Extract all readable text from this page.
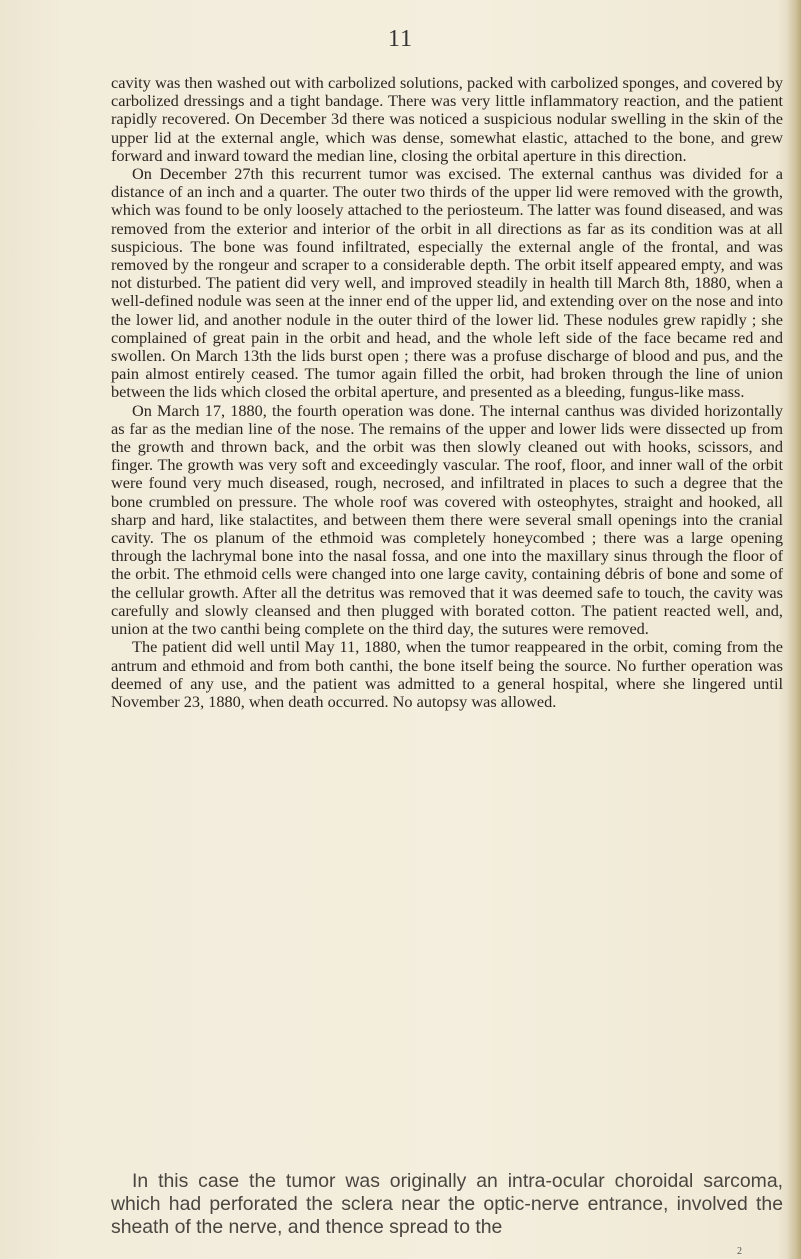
11

cavity was then washed out with carbolized solutions, packed with carbolized sponges, and covered by carbolized dressings and a tight bandage. There was very little inflammatory reaction, and the patient rapidly recovered. On December 3d there was noticed a suspicious nodular swelling in the skin of the upper lid at the external angle, which was dense, somewhat elastic, attached to the bone, and grew forward and inward toward the median line, closing the orbital aperture in this direction.

On December 27th this recurrent tumor was excised. The external canthus was divided for a distance of an inch and a quarter. The outer two thirds of the upper lid were removed with the growth, which was found to be only loosely attached to the periosteum. The latter was found diseased, and was removed from the exterior and interior of the orbit in all directions as far as its condition was at all suspicious. The bone was found infiltrated, especially the external angle of the frontal, and was removed by the rongeur and scraper to a considerable depth. The orbit itself appeared empty, and was not disturbed. The patient did very well, and improved steadily in health till March 8th, 1880, when a well-defined nodule was seen at the inner end of the upper lid, and extending over on the nose and into the lower lid, and another nodule in the outer third of the lower lid. These nodules grew rapidly ; she complained of great pain in the orbit and head, and the whole left side of the face became red and swollen. On March 13th the lids burst open ; there was a profuse discharge of blood and pus, and the pain almost entirely ceased. The tumor again filled the orbit, had broken through the line of union between the lids which closed the orbital aperture, and presented as a bleeding, fungus-like mass.

On March 17, 1880, the fourth operation was done. The internal canthus was divided horizontally as far as the median line of the nose. The remains of the upper and lower lids were dissected up from the growth and thrown back, and the orbit was then slowly cleaned out with hooks, scissors, and finger. The growth was very soft and exceedingly vascular. The roof, floor, and inner wall of the orbit were found very much diseased, rough, necrosed, and infiltrated in places to such a degree that the bone crumbled on pressure. The whole roof was covered with osteophytes, straight and hooked, all sharp and hard, like stalactites, and between them there were several small openings into the cranial cavity. The os planum of the ethmoid was completely honeycombed ; there was a large opening through the lachrymal bone into the nasal fossa, and one into the maxillary sinus through the floor of the orbit. The ethmoid cells were changed into one large cavity, containing débris of bone and some of the cellular growth. After all the detritus was removed that it was deemed safe to touch, the cavity was carefully and slowly cleansed and then plugged with borated cotton. The patient reacted well, and, union at the two canthi being complete on the third day, the sutures were removed.

The patient did well until May 11, 1880, when the tumor reappeared in the orbit, coming from the antrum and ethmoid and from both canthi, the bone itself being the source. No further operation was deemed of any use, and the patient was admitted to a general hospital, where she lingered until November 23, 1880, when death occurred. No autopsy was allowed.

In this case the tumor was originally an intra-ocular choroidal sarcoma, which had perforated the sclera near the optic-nerve entrance, involved the sheath of the nerve, and thence spread to the

2
